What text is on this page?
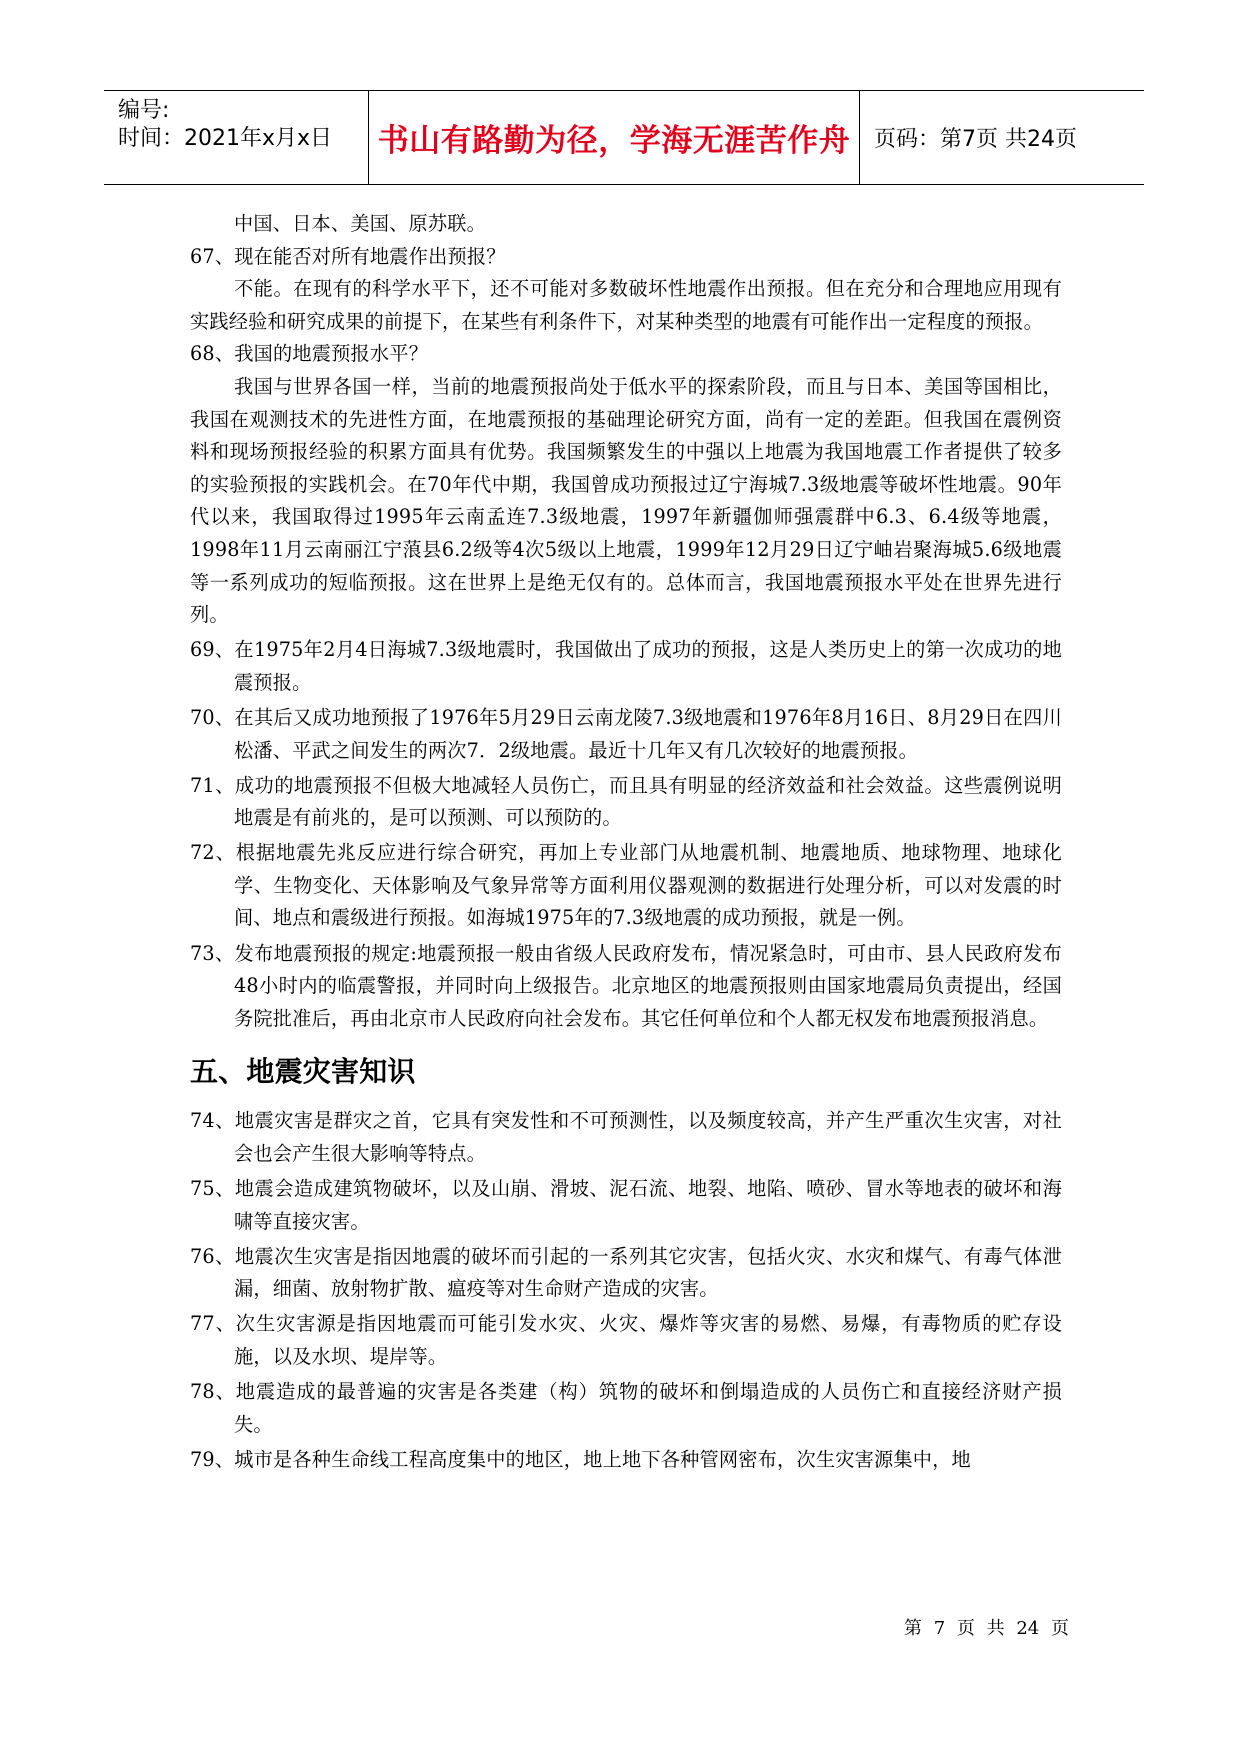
编号:
时间：2021年x月x日 书山有路勤为径，学海无涯苦作舟 页码：第7页 共24页

中国、日本、美国、原苏联。

67、现在能否对所有地震作出预报？

不能。在现有的科学水平下，还不可能对多数破坏性地震作出预报。但在充分和合理地应用现有实践经验和研究成果的前提下，在某些有利条件下，对某种类型的地震有可能作出一定程度的预报。

68、我国的地震预报水平？

我国与世界各国一样，当前的地震预报尚处于低水平的探索阶段，而且与日本、美国等国相比，我国在观测技术的先进性方面，在地震预报的基础理论研究方面，尚有一定的差距。但我国在震例资料和现场预报经验的积累方面具有优势。我国频繁发生的中强以上地震为我国地震工作者提供了较多的实验预报的实践机会。在70年代中期，我国曾成功预报过辽宁海城7.3级地震等破坏性地震。90年代以来，我国取得过1995年云南孟连7.3级地震，1997年新疆伽师强震群中6.3、6.4级等地震，1998年11月云南丽江宁蒗县6.2级等4次5级以上地震，1999年12月29日辽宁岫岩聚海城5.6级地震等一系列成功的短临预报。这在世界上是绝无仅有的。总体而言，我国地震预报水平处在世界先进行列。

69、在1975年2月4日海城7.3级地震时，我国做出了成功的预报，这是人类历史上的第一次成功的地震预报。

70、在其后又成功地预报了1976年5月29日云南龙陵7.3级地震和1976年8月16日、8月29日在四川松潘、平武之间发生的两次7．2级地震。最近十几年又有几次较好的地震预报。

71、成功的地震预报不但极大地减轻人员伤亡，而且具有明显的经济效益和社会效益。这些震例说明地震是有前兆的，是可以预测、可以预防的。

72、根据地震先兆反应进行综合研究，再加上专业部门从地震机制、地震地质、地球物理、地球化学、生物变化、天体影响及气象异常等方面利用仪器观测的数据进行处理分析，可以对发震的时间、地点和震级进行预报。如海城1975年的7.3级地震的成功预报，就是一例。

73、发布地震预报的规定:地震预报一般由省级人民政府发布，情况紧急时，可由市、县人民政府发布48小时内的临震警报，并同时向上级报告。北京地区的地震预报则由国家地震局负责提出，经国务院批准后，再由北京市人民政府向社会发布。其它任何单位和个人都无权发布地震预报消息。

五、地震灾害知识

74、地震灾害是群灾之首，它具有突发性和不可预测性，以及频度较高，并产生严重次生灾害，对社会也会产生很大影响等特点。

75、地震会造成建筑物破坏，以及山崩、滑坡、泥石流、地裂、地陷、喷砂、冒水等地表的破坏和海啸等直接灾害。

76、地震次生灾害是指因地震的破坏而引起的一系列其它灾害，包括火灾、水灾和煤气、有毒气体泄漏，细菌、放射物扩散、瘟疫等对生命财产造成的灾害。

77、次生灾害源是指因地震而可能引发水灾、火灾、爆炸等灾害的易燃、易爆，有毒物质的贮存设施，以及水坝、堤岸等。

78、地震造成的最普遍的灾害是各类建（构）筑物的破坏和倒塌造成的人员伤亡和直接经济财产损失。

79、城市是各种生命线工程高度集中的地区，地上地下各种管网密布，次生灾害源集中，地

第 7 页 共 24 页
